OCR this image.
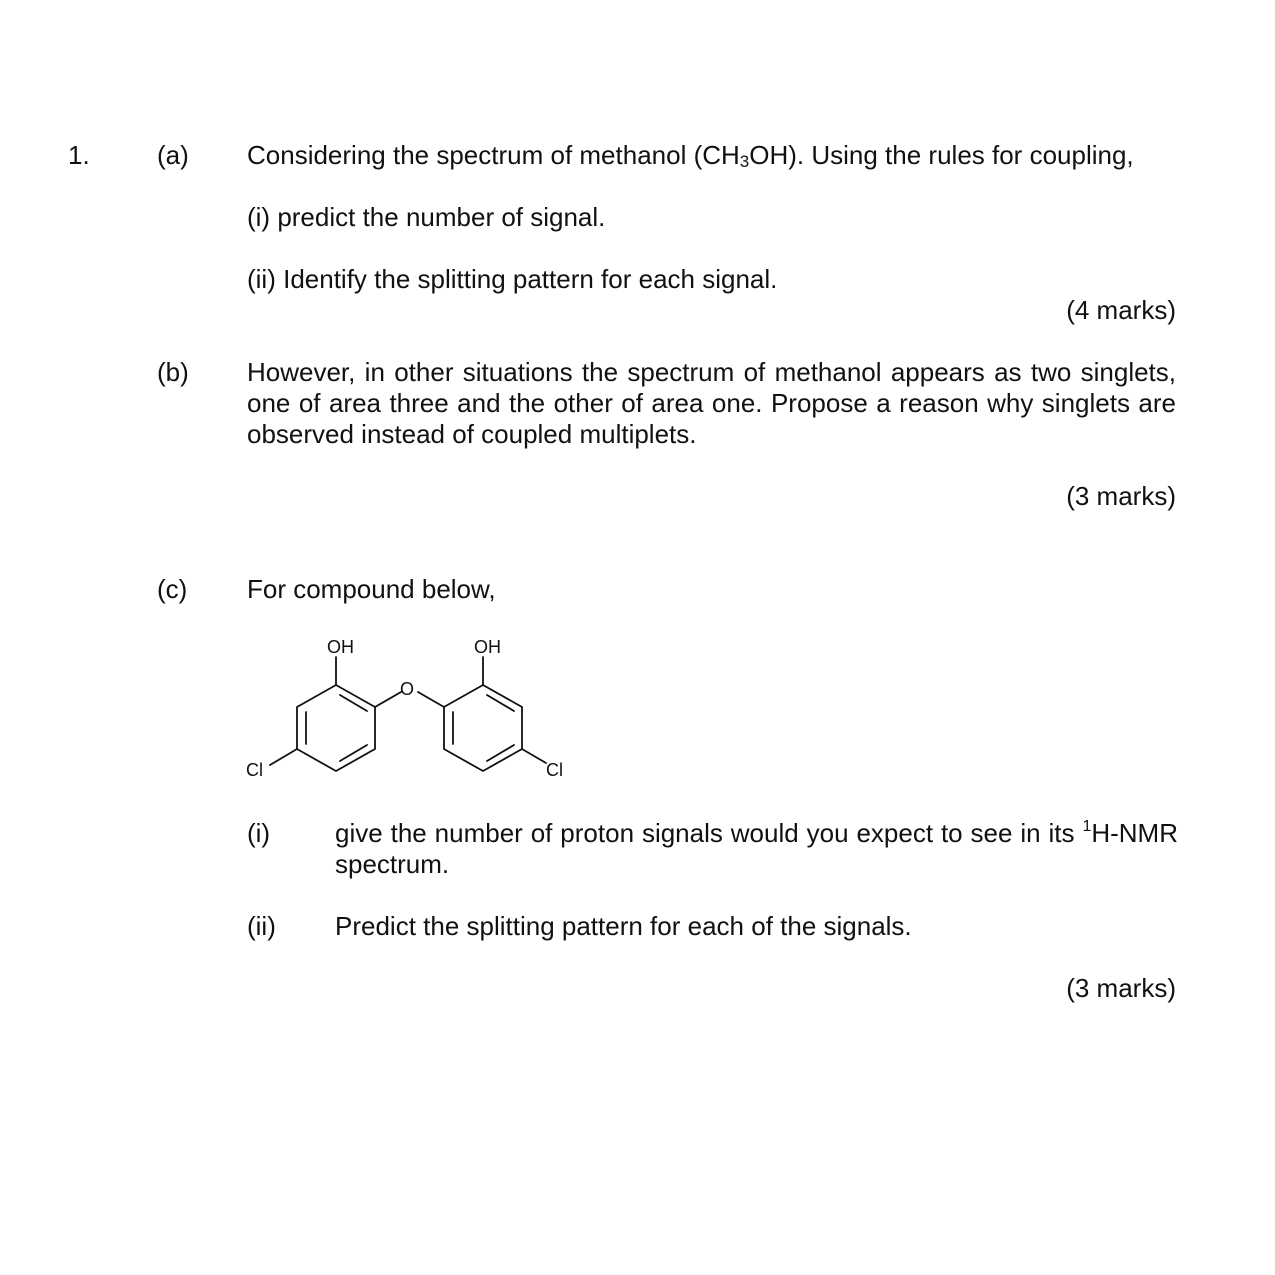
1.	(a) Considering the spectrum of methanol $(CH_3OH)$. Using the rules for coupling,
(i) predict the number of signal.
(ii) Identify the splitting pattern for each signal.
(4 marks)
(b) However, in other situations the spectrum of methanol appears as two singlets, one of area three and the other of area one. Propose a reason why singlets are observed instead of coupled multiplets.
(3 marks)
(c) For compound below,
OH	OH
O
Cl	Cl
(i) give the number of proton signals would you expect to see in its $^1$H-NMR spectrum.
(ii) Predict the splitting pattern for each of the signals.
(3 marks)
